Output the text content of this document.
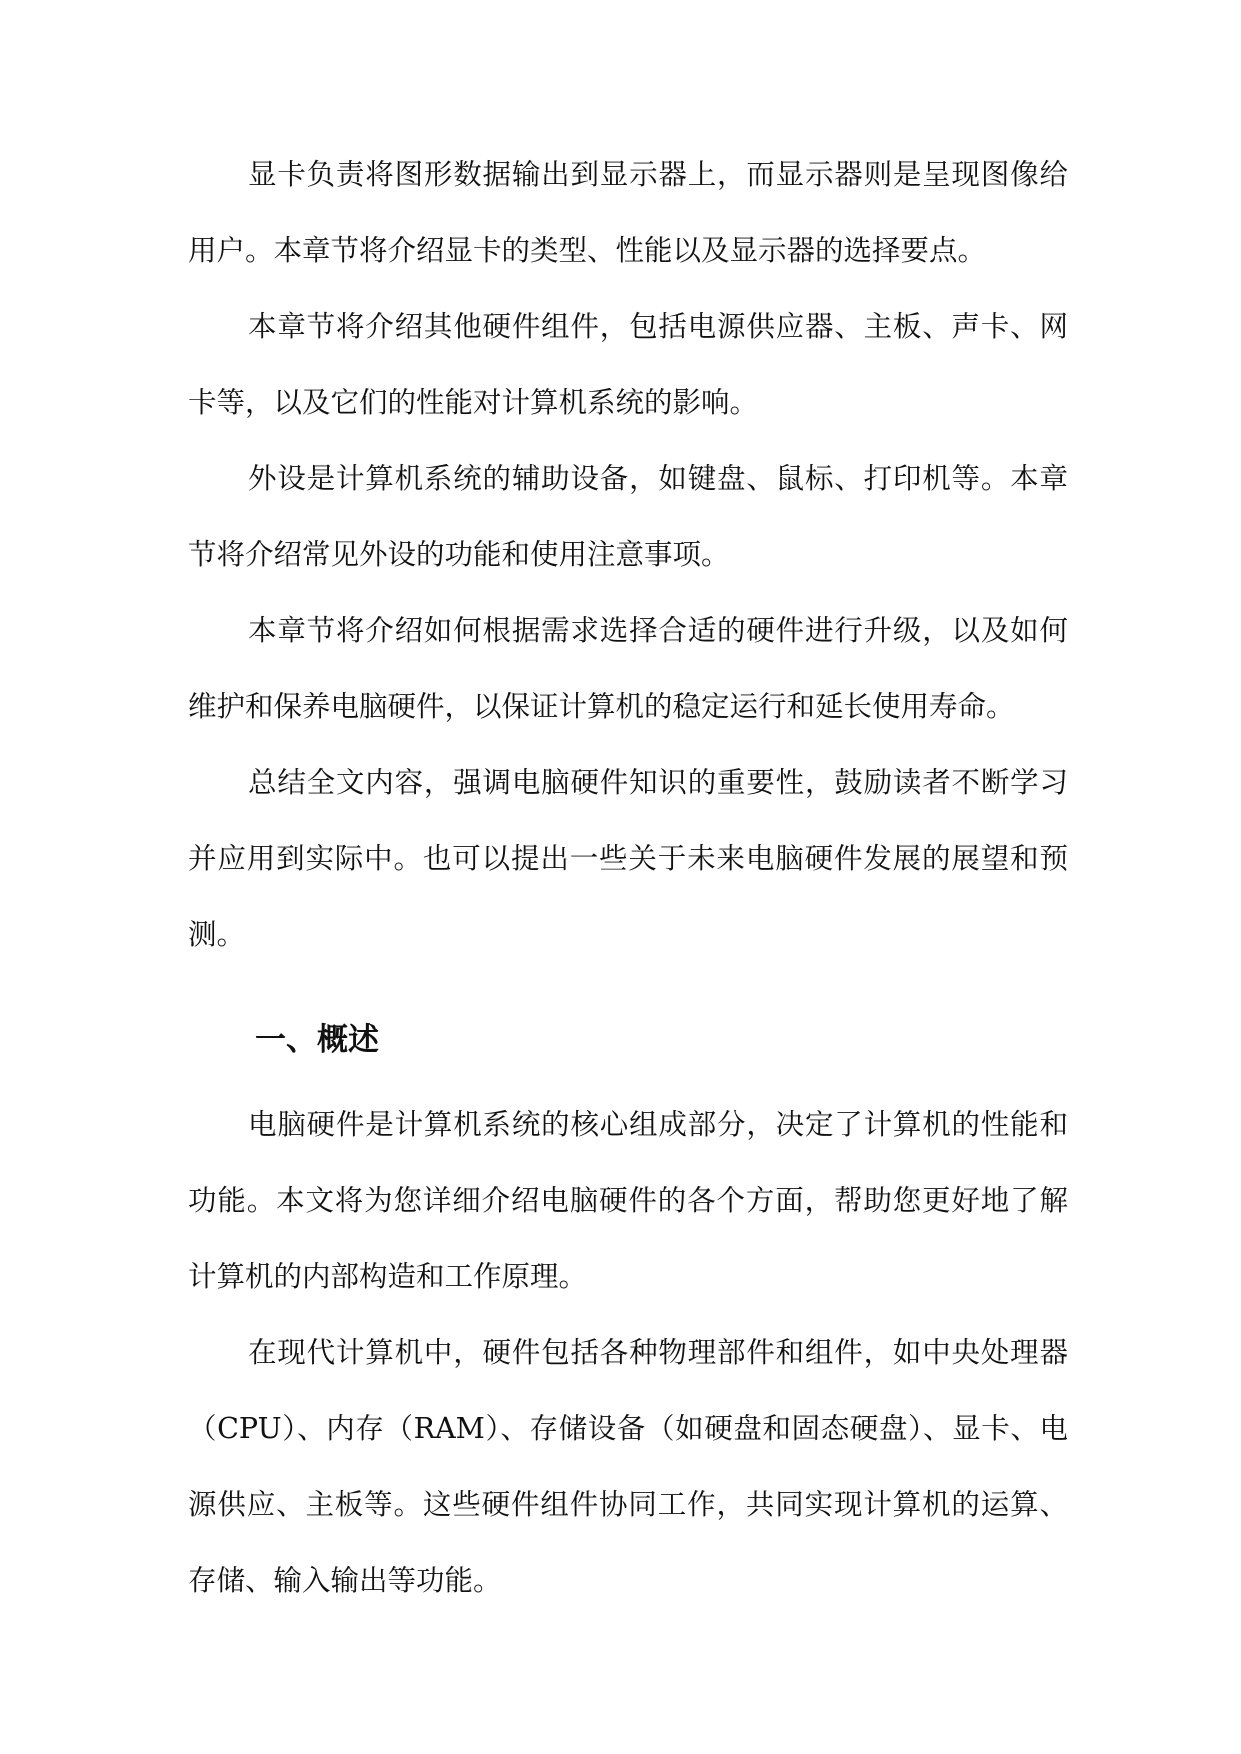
显卡负责将图形数据输出到显示器上，而显示器则是呈现图像给用户。本章节将介绍显卡的类型、性能以及显示器的选择要点。

本章节将介绍其他硬件组件，包括电源供应器、主板、声卡、网卡等，以及它们的性能对计算机系统的影响。

外设是计算机系统的辅助设备，如键盘、鼠标、打印机等。本章节将介绍常见外设的功能和使用注意事项。

本章节将介绍如何根据需求选择合适的硬件进行升级，以及如何维护和保养电脑硬件，以保证计算机的稳定运行和延长使用寿命。

总结全文内容，强调电脑硬件知识的重要性，鼓励读者不断学习并应用到实际中。也可以提出一些关于未来电脑硬件发展的展望和预测。

一、概述

电脑硬件是计算机系统的核心组成部分，决定了计算机的性能和功能。本文将为您详细介绍电脑硬件的各个方面，帮助您更好地了解计算机的内部构造和工作原理。

在现代计算机中，硬件包括各种物理部件和组件，如中央处理器（CPU）、内存（RAM）、存储设备（如硬盘和固态硬盘）、显卡、电源供应、主板等。这些硬件组件协同工作，共同实现计算机的运算、存储、输入输出等功能。
